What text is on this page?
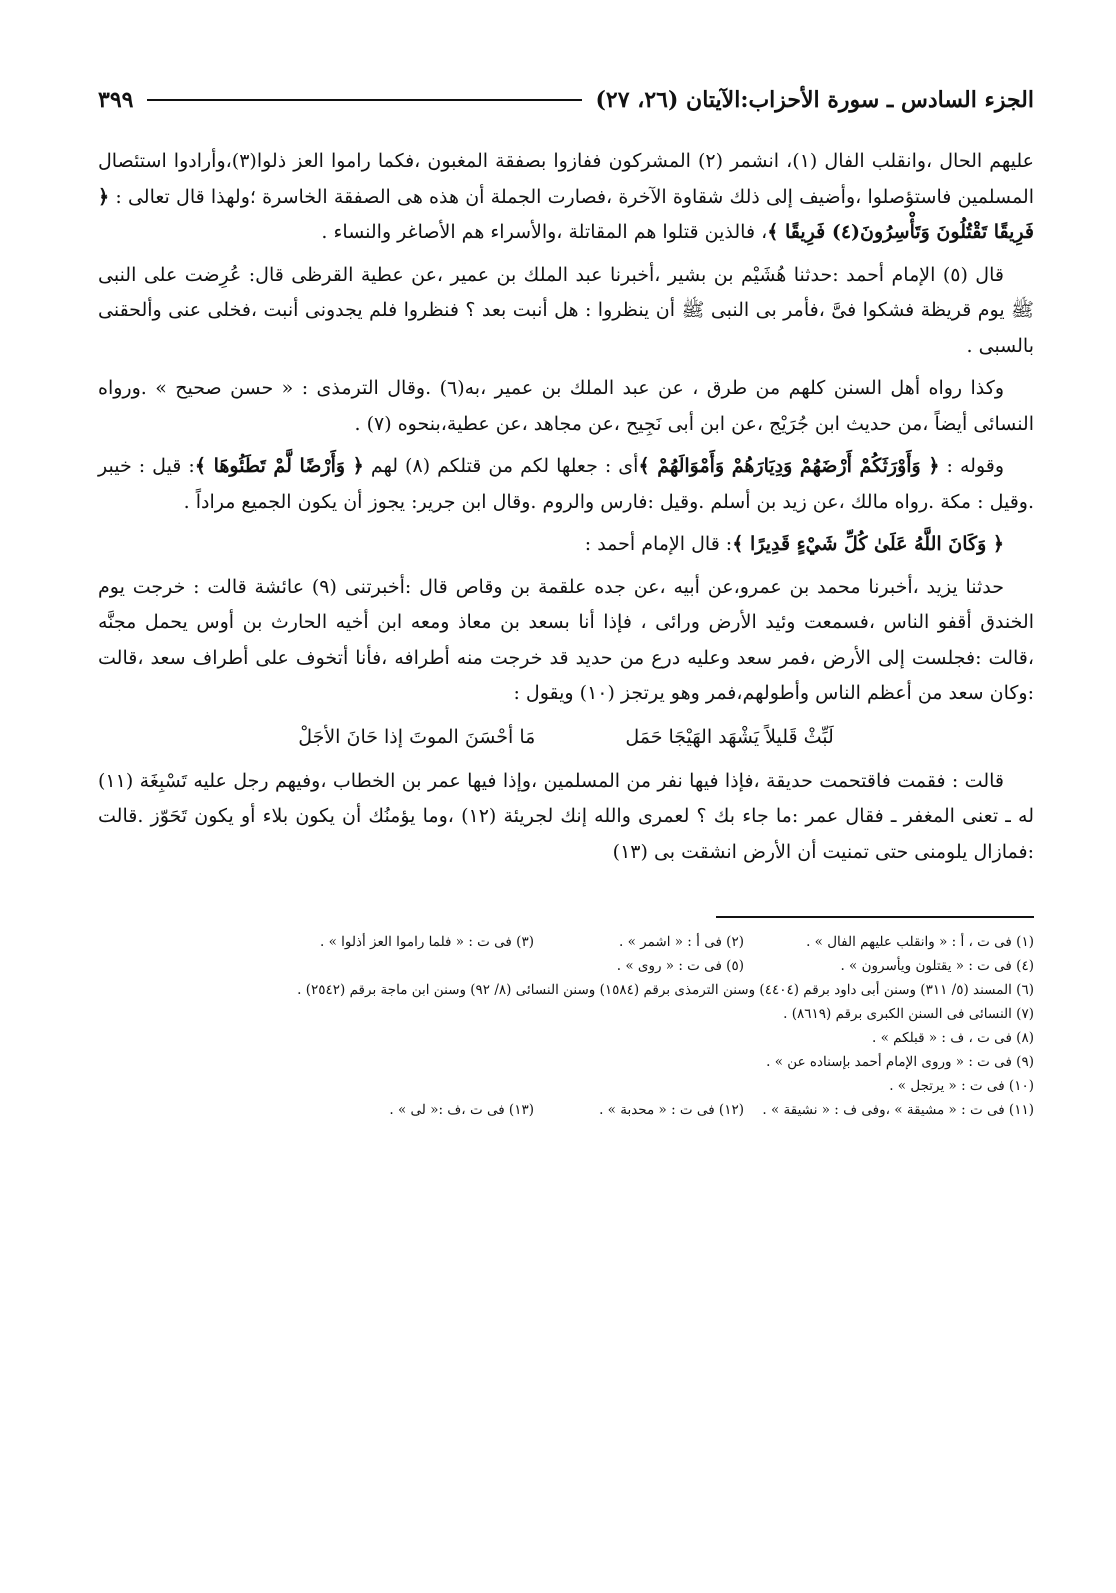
الجزء السادس ـ سورة الأحزاب:الآيتان (٢٦، ٢٧)
٣٩٩

عليهم الحال ،وانقلب الفال (١)، انشمر (٢) المشركون ففازوا بصفقة المغبون ،فكما راموا العز ذلوا(٣)،وأرادوا استئصال المسلمين فاستؤصلوا ،وأضيف إلى ذلك شقاوة الآخرة ،فصارت الجملة أن هذه هى الصفقة الخاسرة ؛ولهذا قال تعالى : ﴿ فَرِيقًا تَقْتُلُونَ وَتَأْسِرُونَ(٤) فَرِيقًا ﴾، فالذين قتلوا هم المقاتلة ،والأسراء هم الأصاغر والنساء .

قال (٥) الإمام أحمد :حدثنا هُشَيْم بن بشير ،أخبرنا عبد الملك بن عمير ،عن عطية القرظى قال: عُرِضت على النبى ﷺ يوم قريظة فشكوا فىَّ ،فأمر بى النبى ﷺ أن ينظروا : هل أنبت بعد ؟ فنظروا فلم يجدونى أنبت ،فخلى عنى وألحقنى بالسبى .

وكذا رواه أهل السنن كلهم من طرق ، عن عبد الملك بن عمير ،به(٦) .وقال الترمذى : « حسن صحيح » .ورواه النسائى أيضاً ،من حديث ابن جُرَيْج ،عن ابن أبى نَجِيح ،عن مجاهد ،عن عطية،بنحوه (٧) .

وقوله : ﴿ وَأَوْرَثَكُمْ أَرْضَهُمْ وَدِيَارَهُمْ وَأَمْوَالَهُمْ ﴾أى : جعلها لكم من قتلكم (٨) لهم ﴿ وَأَرْضًا لَّمْ تَطَئُوهَا ﴾: قيل : خيبر .وقيل : مكة .رواه مالك ،عن زيد بن أسلم .وقيل :فارس والروم .وقال ابن جرير: يجوز أن يكون الجميع مراداً .

﴿ وَكَانَ اللَّهُ عَلَىٰ كُلِّ شَيْءٍ قَدِيرًا ﴾: قال الإمام أحمد :

حدثنا يزيد ،أخبرنا محمد بن عمرو،عن أبيه ،عن جده علقمة بن وقاص قال :أخبرتنى (٩) عائشة قالت : خرجت يوم الخندق أقفو الناس ،فسمعت وئيد الأرض ورائى ، فإذا أنا بسعد بن معاذ ومعه ابن أخيه الحارث بن أوس يحمل مجنَّه ،قالت :فجلست إلى الأرض ،فمر سعد وعليه درع من حديد قد خرجت منه أطرافه ،فأنا أتخوف على أطراف سعد ،قالت :وكان سعد من أعظم الناس وأطولهم،فمر وهو يرتجز (١٠) ويقول :

لَبِّثْ قَليلاً يَشْهَد الهَيْجَا حَمَل
مَا أحْسَنَ الموتَ إذا حَانَ الأجَلْ

قالت : فقمت فاقتحمت حديقة ،فإذا فيها نفر من المسلمين ،وإذا فيها عمر بن الخطاب ،وفيهم رجل عليه تَسْبِغَة (١١) له ـ تعنى المغفر ـ فقال عمر :ما جاء بك ؟ لعمرى والله إنك لجريئة (١٢) ،وما يؤمنُك أن يكون بلاء أو يكون تَحَوّز .قالت :فمازال يلومنى حتى تمنيت أن الأرض انشقت بى (١٣)

(١) فى ت ، أ : « وانقلب عليهم الفال » .
(٢) فى أ : « اشمر » .
(٣) فى ت : « فلما راموا العز أذلوا » .
(٤) فى ت : « يقتلون ويأسرون » .
(٥) فى ت : « روى » .
(٦) المسند (٥/ ٣١١) وسنن أبى داود برقم (٤٤٠٤) وسنن الترمذى برقم (١٥٨٤) وسنن النسائى (٨/ ٩٢) وسنن ابن ماجة برقم (٢٥٤٢) .
(٧) النسائى فى السنن الكبرى برقم (٨٦١٩) .
(٨) فى ت ، ف : « قبلكم » .
(٩) فى ت : « وروى الإمام أحمد بإسناده عن » .
(١٠) فى ت : « يرتجل » .
(١١) فى ت : « مشيقة » ،وفى ف : « نشيقة » .
(١٢) فى ت : « محدبة » .
(١٣) فى ت ،ف :« لى » .
